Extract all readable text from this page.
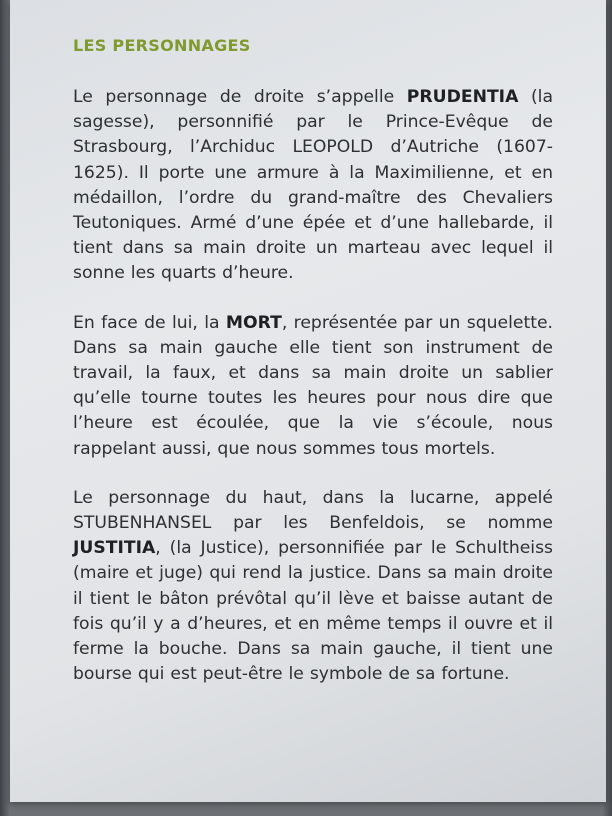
LES PERSONNAGES

Le personnage de droite s’appelle PRUDENTIA (la sagesse), personnifié par le Prince-Evêque de Strasbourg, l’Archiduc LEOPOLD d’Autriche (1607-1625). Il porte une armure à la Maximilienne, et en médaillon, l’ordre du grand-maître des Chevaliers Teutoniques. Armé d’une épée et d’une hallebarde, il tient dans sa main droite un marteau avec lequel il sonne les quarts d’heure.

En face de lui, la MORT, représentée par un squelette. Dans sa main gauche elle tient son instrument de travail, la faux, et dans sa main droite un sablier qu’elle tourne toutes les heures pour nous dire que l’heure est écoulée, que la vie s’écoule, nous rappelant aussi, que nous sommes tous mortels.

Le personnage du haut, dans la lucarne, appelé STUBENHANSEL par les Benfeldois, se nomme JUSTITIA, (la Justice), personnifiée par le Schultheiss (maire et juge) qui rend la justice. Dans sa main droite il tient le bâton prévôtal qu’il lève et baisse autant de fois qu’il y a d’heures, et en même temps il ouvre et il ferme la bouche. Dans sa main gauche, il tient une bourse qui est peut-être le symbole de sa fortune.
